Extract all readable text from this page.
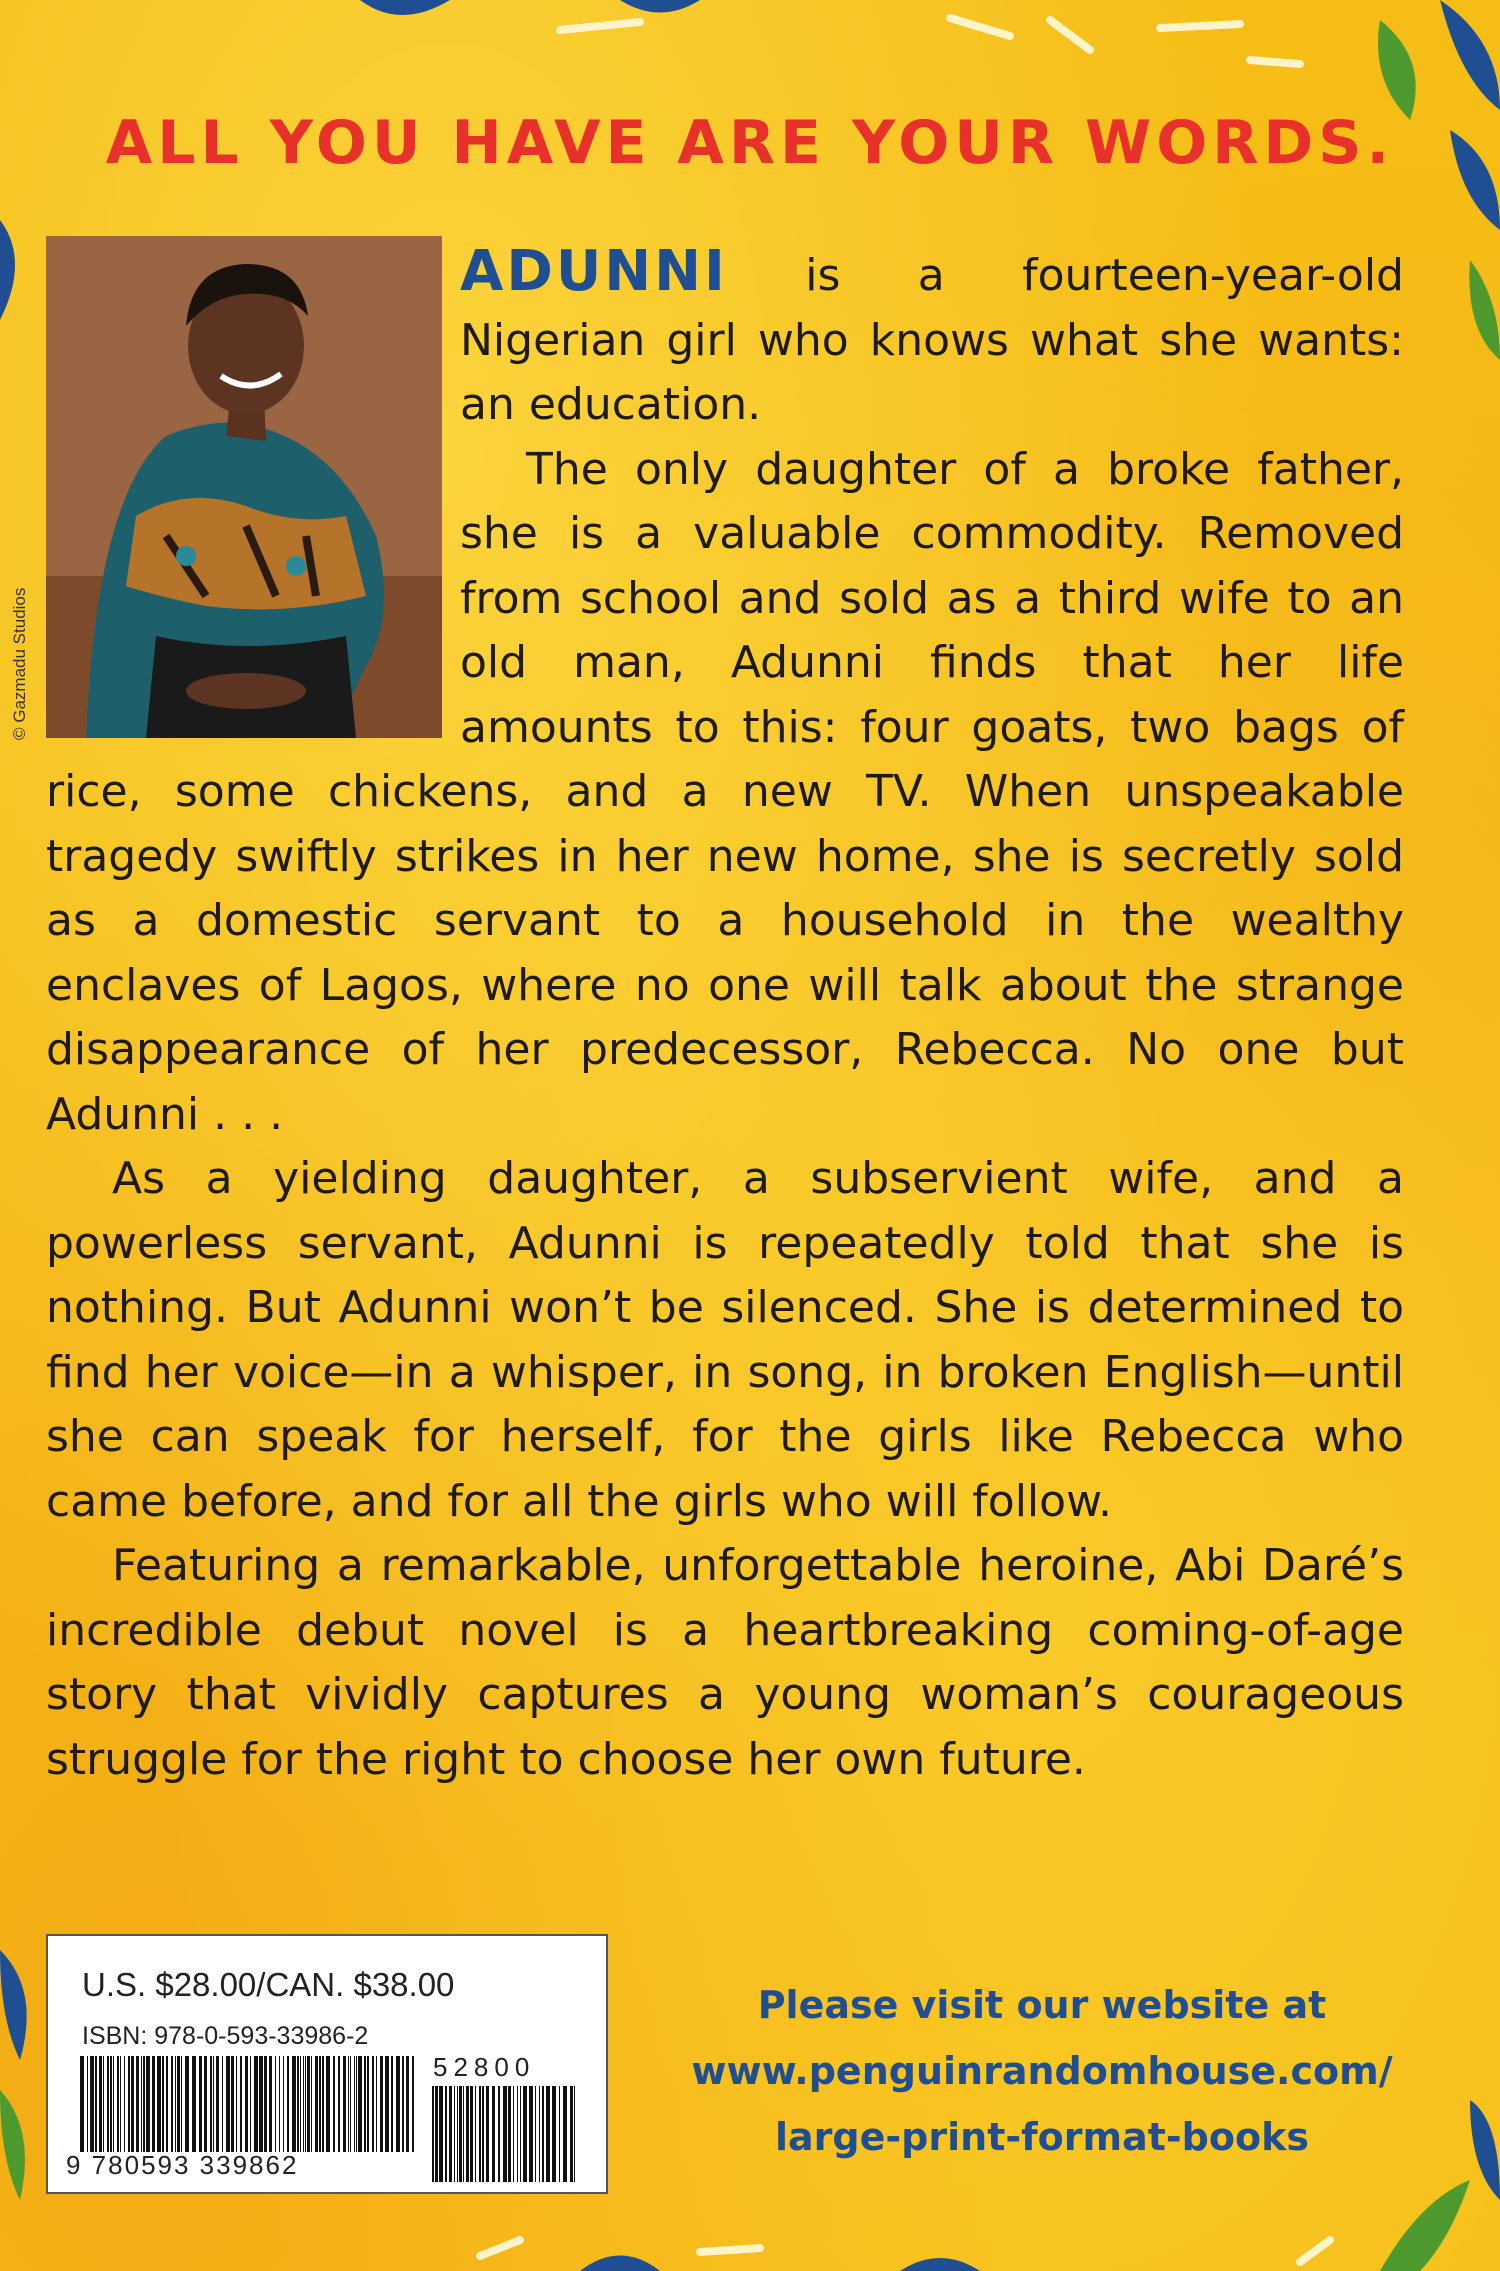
ALL YOU HAVE ARE YOUR WORDS.
© Gazmadu Studios

ADUNNI is a fourteen-year-old Nigerian girl who knows what she wants: an education.

The only daughter of a broke father, she is a valuable commodity. Removed from school and sold as a third wife to an old man, Adunni finds that her life amounts to this: four goats, two bags of rice, some chickens, and a new TV. When unspeakable tragedy swiftly strikes in her new home, she is secretly sold as a domestic servant to a household in the wealthy enclaves of Lagos, where no one will talk about the strange disappearance of her predecessor, Rebecca. No one but Adunni . . .

As a yielding daughter, a subservient wife, and a powerless servant, Adunni is repeatedly told that she is nothing. But Adunni won’t be silenced. She is determined to find her voice—in a whisper, in song, in broken English—until she can speak for herself, for the girls like Rebecca who came before, and for all the girls who will follow.

Featuring a remarkable, unforgettable heroine, Abi Daré’s incredible debut novel is a heartbreaking coming-of-age story that vividly captures a young woman’s courageous struggle for the right to choose her own future.

U.S. $28.00/CAN. $38.00
ISBN: 978-0-593-33986-2
9 780593 339862
52800
Please visit our website at
www.penguinrandomhouse.com/
large-print-format-books
